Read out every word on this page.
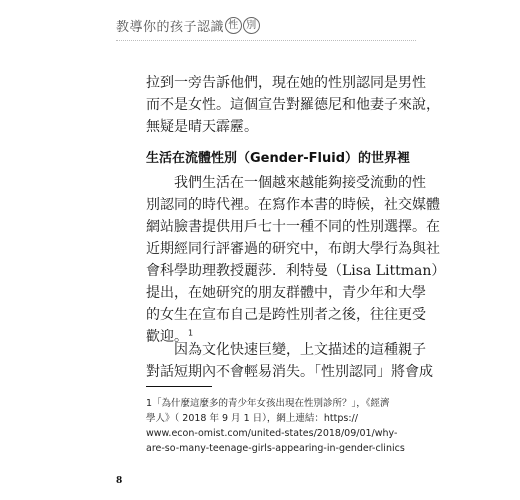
教導你的孩子認識 性 別
拉到一旁告訴他們，現在她的性別認同是男性
而不是女性。這個宣告對羅德尼和他妻子來說，
無疑是晴天霹靂。
生活在流體性別（Gender-Fluid）的世界裡
我們生活在一個越來越能夠接受流動的性
別認同的時代裡。在寫作本書的時候，社交媒體
網站臉書提供用戶七十一種不同的性別選擇。在
近期經同行評審過的研究中，布朗大學行為與社
會科學助理教授麗莎．利特曼（Lisa Littman）
提出，在她研究的朋友群體中，青少年和大學
的女生在宣布自己是跨性別者之後，往往更受
歡迎。$^1$
因為文化快速巨變，上文描述的這種親子
對話短期內不會輕易消失。「性別認同」將會成
1「為什麼這麼多的青少年女孩出現在性別診所？」，《經濟
學人》（ 2018 年 9 月 1 日），網上連結：https://
www.econ-omist.com/united-states/2018/09/01/why-
are-so-many-teenage-girls-appearing-in-gender-clinics
8
